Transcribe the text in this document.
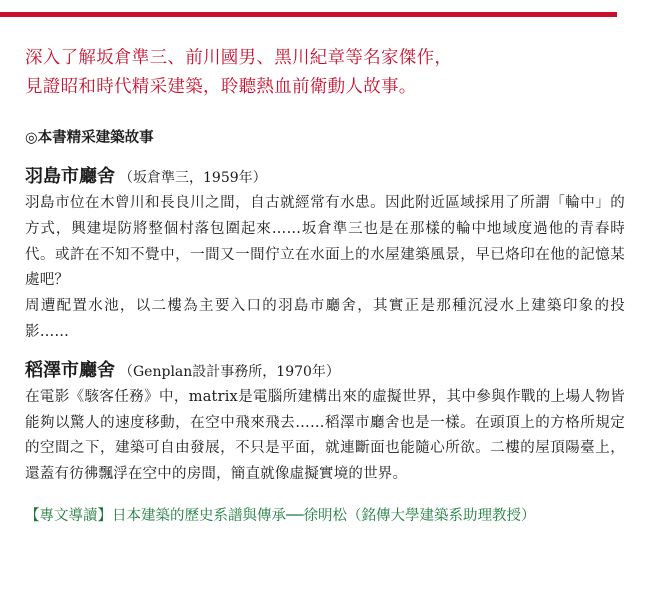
深入了解坂倉準三、前川國男、黑川紀章等名家傑作，
見證昭和時代精采建築，聆聽熱血前衛動人故事。

◎本書精采建築故事

羽島市廳舍 （坂倉準三，1959年）

羽島市位在木曾川和長良川之間，自古就經常有水患。因此附近區域採用了所謂「輪中」的方式，興建堤防將整個村落包圍起來……坂倉準三也是在那樣的輪中地域度過他的青春時代。或許在不知不覺中，一間又一間佇立在水面上的水屋建築風景，早已烙印在他的記憶某處吧？

周遭配置水池，以二樓為主要入口的羽島市廳舍，其實正是那種沉浸水上建築印象的投影……

稻澤市廳舍 （Genplan設計事務所，1970年）

在電影《駭客任務》中，matrix是電腦所建構出來的虛擬世界，其中參與作戰的上場人物皆能夠以驚人的速度移動，在空中飛來飛去……稻澤市廳舍也是一樣。在頭頂上的方格所規定的空間之下，建築可自由發展，不只是平面，就連斷面也能隨心所欲。二樓的屋頂陽臺上，還蓋有彷彿飄浮在空中的房間，簡直就像虛擬實境的世界。

【專文導讀】日本建築的歷史系譜與傳承──徐明松（銘傳大學建築系助理教授）
